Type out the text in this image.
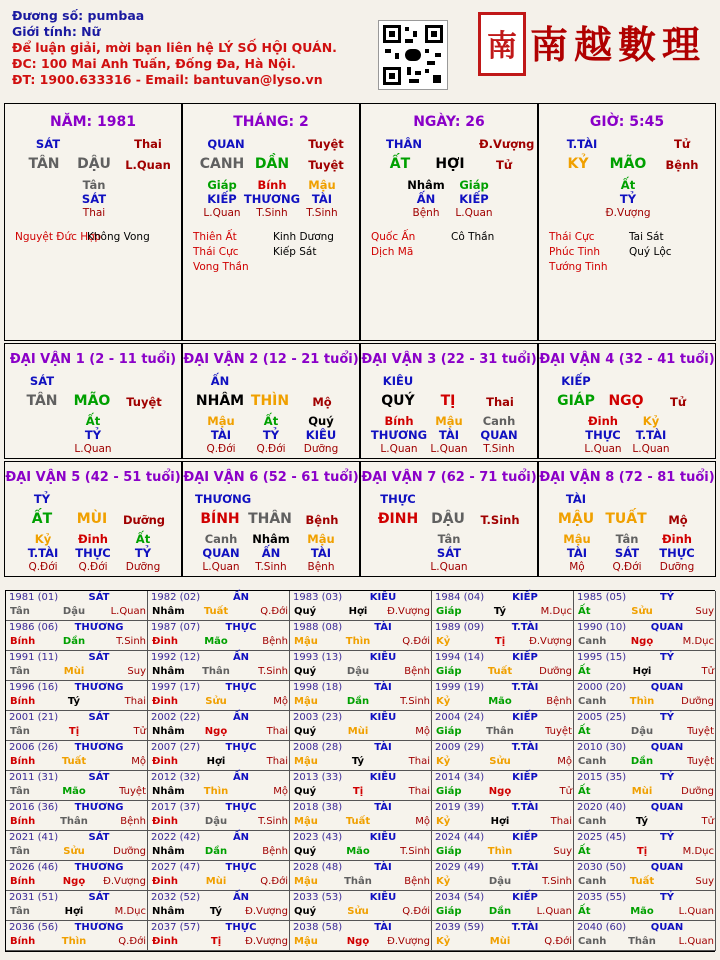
Đương số: pumbaa
Giới tính: Nữ
Để luận giải, mời bạn liên hệ LÝ SỐ HỘI QUÁN.
ĐC: 100 Mai Anh Tuấn, Đống Đa, Hà Nội.
ĐT: 1900.633316 - Email: bantuvan@lyso.vn
南 南越數理
NĂM: 1981
SÁT	Thai
TÂN	DẬU	L.Quan
Tân
SÁT
Thai
Nguyệt Đức Hợp
Không Vong
THÁNG: 2
QUAN	Tuyệt
CANH DẦN	Tuyệt
Giáp
KIẾP
L.Quan
Bính
THƯƠNG
T.Sinh
Mậu
TÀI
T.Sinh
Thiên Ất	Kinh Dương
Thái Cực	Kiếp Sát
Vong Thần
NGÀY: 26
THÂN	Đ.Vượng
ẤT	HỢI	Tử
Nhâm
ẤN
Bệnh
Giáp
KIẾP
L.Quan
Quốc Ấn	Cô Thần
Dịch Mã
GIỜ: 5:45
T.TÀI	Tử
KỶ	MÃO	Bệnh
Ất
TỶ
Đ.Vượng
Thái Cực	Tai Sát
Phúc Tinh	Quý Lộc
Tướng Tinh
ĐẠI VẬN 1 (2 - 11 tuổi)
SÁT
TÂN	MÃO	Tuyệt
Ất
TỶ
L.Quan
ĐẠI VẬN 2 (12 - 21 tuổi)
ẤN
NHÂM THÌN	Mộ
Mậu
TÀI
Q.Đới
Ất
TỶ
Q.Đới
Quý
KIÊU
Dưỡng
ĐẠI VẬN 3 (22 - 31 tuổi)
KIÊU
QUÝ	TỊ	Thai
Bính
THƯƠNG
L.Quan
Mậu
TÀI
L.Quan
Canh
QUAN
T.Sinh
ĐẠI VẬN 4 (32 - 41 tuổi)
KIẾP
GIÁP NGỌ	Tử
Đinh
THỰC
L.Quan
Kỷ
T.TÀI
L.Quan
ĐẠI VẬN 5 (42 - 51 tuổi)
TỶ
ẤT	MÙI	Dưỡng
Kỷ
T.TÀI
Q.Đới
Đinh
THỰC
Q.Đới
Ất
TỶ
Dưỡng
ĐẠI VẬN 6 (52 - 61 tuổi)
THƯƠNG
BÍNH THÂN	Bệnh
Canh
QUAN
L.Quan
Nhâm
ẤN
T.Sinh
Mậu
TÀI
Bệnh
ĐẠI VẬN 7 (62 - 71 tuổi)
THỰC
ĐINH DẬU	T.Sinh
Tân
SÁT
L.Quan
ĐẠI VẬN 8 (72 - 81 tuổi)
TÀI
MẬU TUẤT	Mộ
Mậu
TÀI
Mộ
Tân
SÁT
Q.Đới
Đinh
THỰC
Dưỡng
1981 (01)	SÁT
Tân	Dậu	L.Quan
1982 (02)	ẤN
Nhâm	Tuất	Q.Đới
1983 (03)	KIÊU
Quý	Hợi	Đ.Vượng
1984 (04)	KIẾP
Giáp	Tý	M.Dục
1985 (05)	TỶ
Ất	Sửu	Suy
1986 (06)	THƯƠNG
Bính	Dần	T.Sinh
1987 (07)	THỰC
Đinh	Mão	Bệnh
1988 (08)	TÀI
Mậu	Thìn	Q.Đới
1989 (09)	T.TÀI
Kỷ	Tị	Đ.Vượng
1990 (10)	QUAN
Canh	Ngọ	M.Dục
1991 (11)	SÁT
Tân	Mùi	Suy
1992 (12)	ẤN
Nhâm	Thân	T.Sinh
1993 (13)	KIÊU
Quý	Dậu	Bệnh
1994 (14)	KIẾP
Giáp	Tuất	Dưỡng
1995 (15)	TỶ
Ất	Hợi	Tử
1996 (16)	THƯƠNG
Bính	Tý	Thai
1997 (17)	THỰC
Đinh	Sửu	Mộ
1998 (18)	TÀI
Mậu	Dần	T.Sinh
1999 (19)	T.TÀI
Kỷ	Mão	Bệnh
2000 (20)	QUAN
Canh	Thìn	Dưỡng
2001 (21)	SÁT
Tân	Tị	Tử
2002 (22)	ẤN
Nhâm	Ngọ	Thai
2003 (23)	KIÊU
Quý	Mùi	Mộ
2004 (24)	KIẾP
Giáp	Thân	Tuyệt
2005 (25)	TỶ
Ất	Dậu	Tuyệt
2006 (26)	THƯƠNG
Bính	Tuất	Mộ
2007 (27)	THỰC
Đinh	Hợi	Thai
2008 (28)	TÀI
Mậu	Tý	Thai
2009 (29)	T.TÀI
Kỷ	Sửu	Mộ
2010 (30)	QUAN
Canh	Dần	Tuyệt
2011 (31)	SÁT
Tân	Mão	Tuyệt
2012 (32)	ẤN
Nhâm	Thìn	Mộ
2013 (33)	KIÊU
Quý	Tị	Thai
2014 (34)	KIẾP
Giáp	Ngọ	Tử
2015 (35)	TỶ
Ất	Mùi	Dưỡng
2016 (36)	THƯƠNG
Bính	Thân	Bệnh
2017 (37)	THỰC
Đinh	Dậu	T.Sinh
2018 (38)	TÀI
Mậu	Tuất	Mộ
2019 (39)	T.TÀI
Kỷ	Hợi	Thai
2020 (40)	QUAN
Canh	Tý	Tử
2021 (41)	SÁT
Tân	Sửu	Dưỡng
2022 (42)	ẤN
Nhâm	Dần	Bệnh
2023 (43)	KIÊU
Quý	Mão	T.Sinh
2024 (44)	KIẾP
Giáp	Thìn	Suy
2025 (45)	TỶ
Ất	Tị	M.Dục
2026 (46)	THƯƠNG
Bính	Ngọ	Đ.Vượng
2027 (47)	THỰC
Đinh	Mùi	Q.Đới
2028 (48)	TÀI
Mậu	Thân	Bệnh
2029 (49)	T.TÀI
Kỷ	Dậu	T.Sinh
2030 (50)	QUAN
Canh	Tuất	Suy
2031 (51)	SÁT
Tân	Hợi	M.Dục
2032 (52)	ẤN
Nhâm	Tý	Đ.Vượng
2033 (53)	KIÊU
Quý	Sửu	Q.Đới
2034 (54)	KIẾP
Giáp	Dần	L.Quan
2035 (55)	TỶ
Ất	Mão	L.Quan
2036 (56)	THƯƠNG
Bính	Thìn	Q.Đới
2037 (57)	THỰC
Đinh	Tị	Đ.Vượng
2038 (58)	TÀI
Mậu	Ngọ	Đ.Vượng
2039 (59)	T.TÀI
Kỷ	Mùi	Q.Đới
2040 (60)	QUAN
Canh	Thân	L.Quan
